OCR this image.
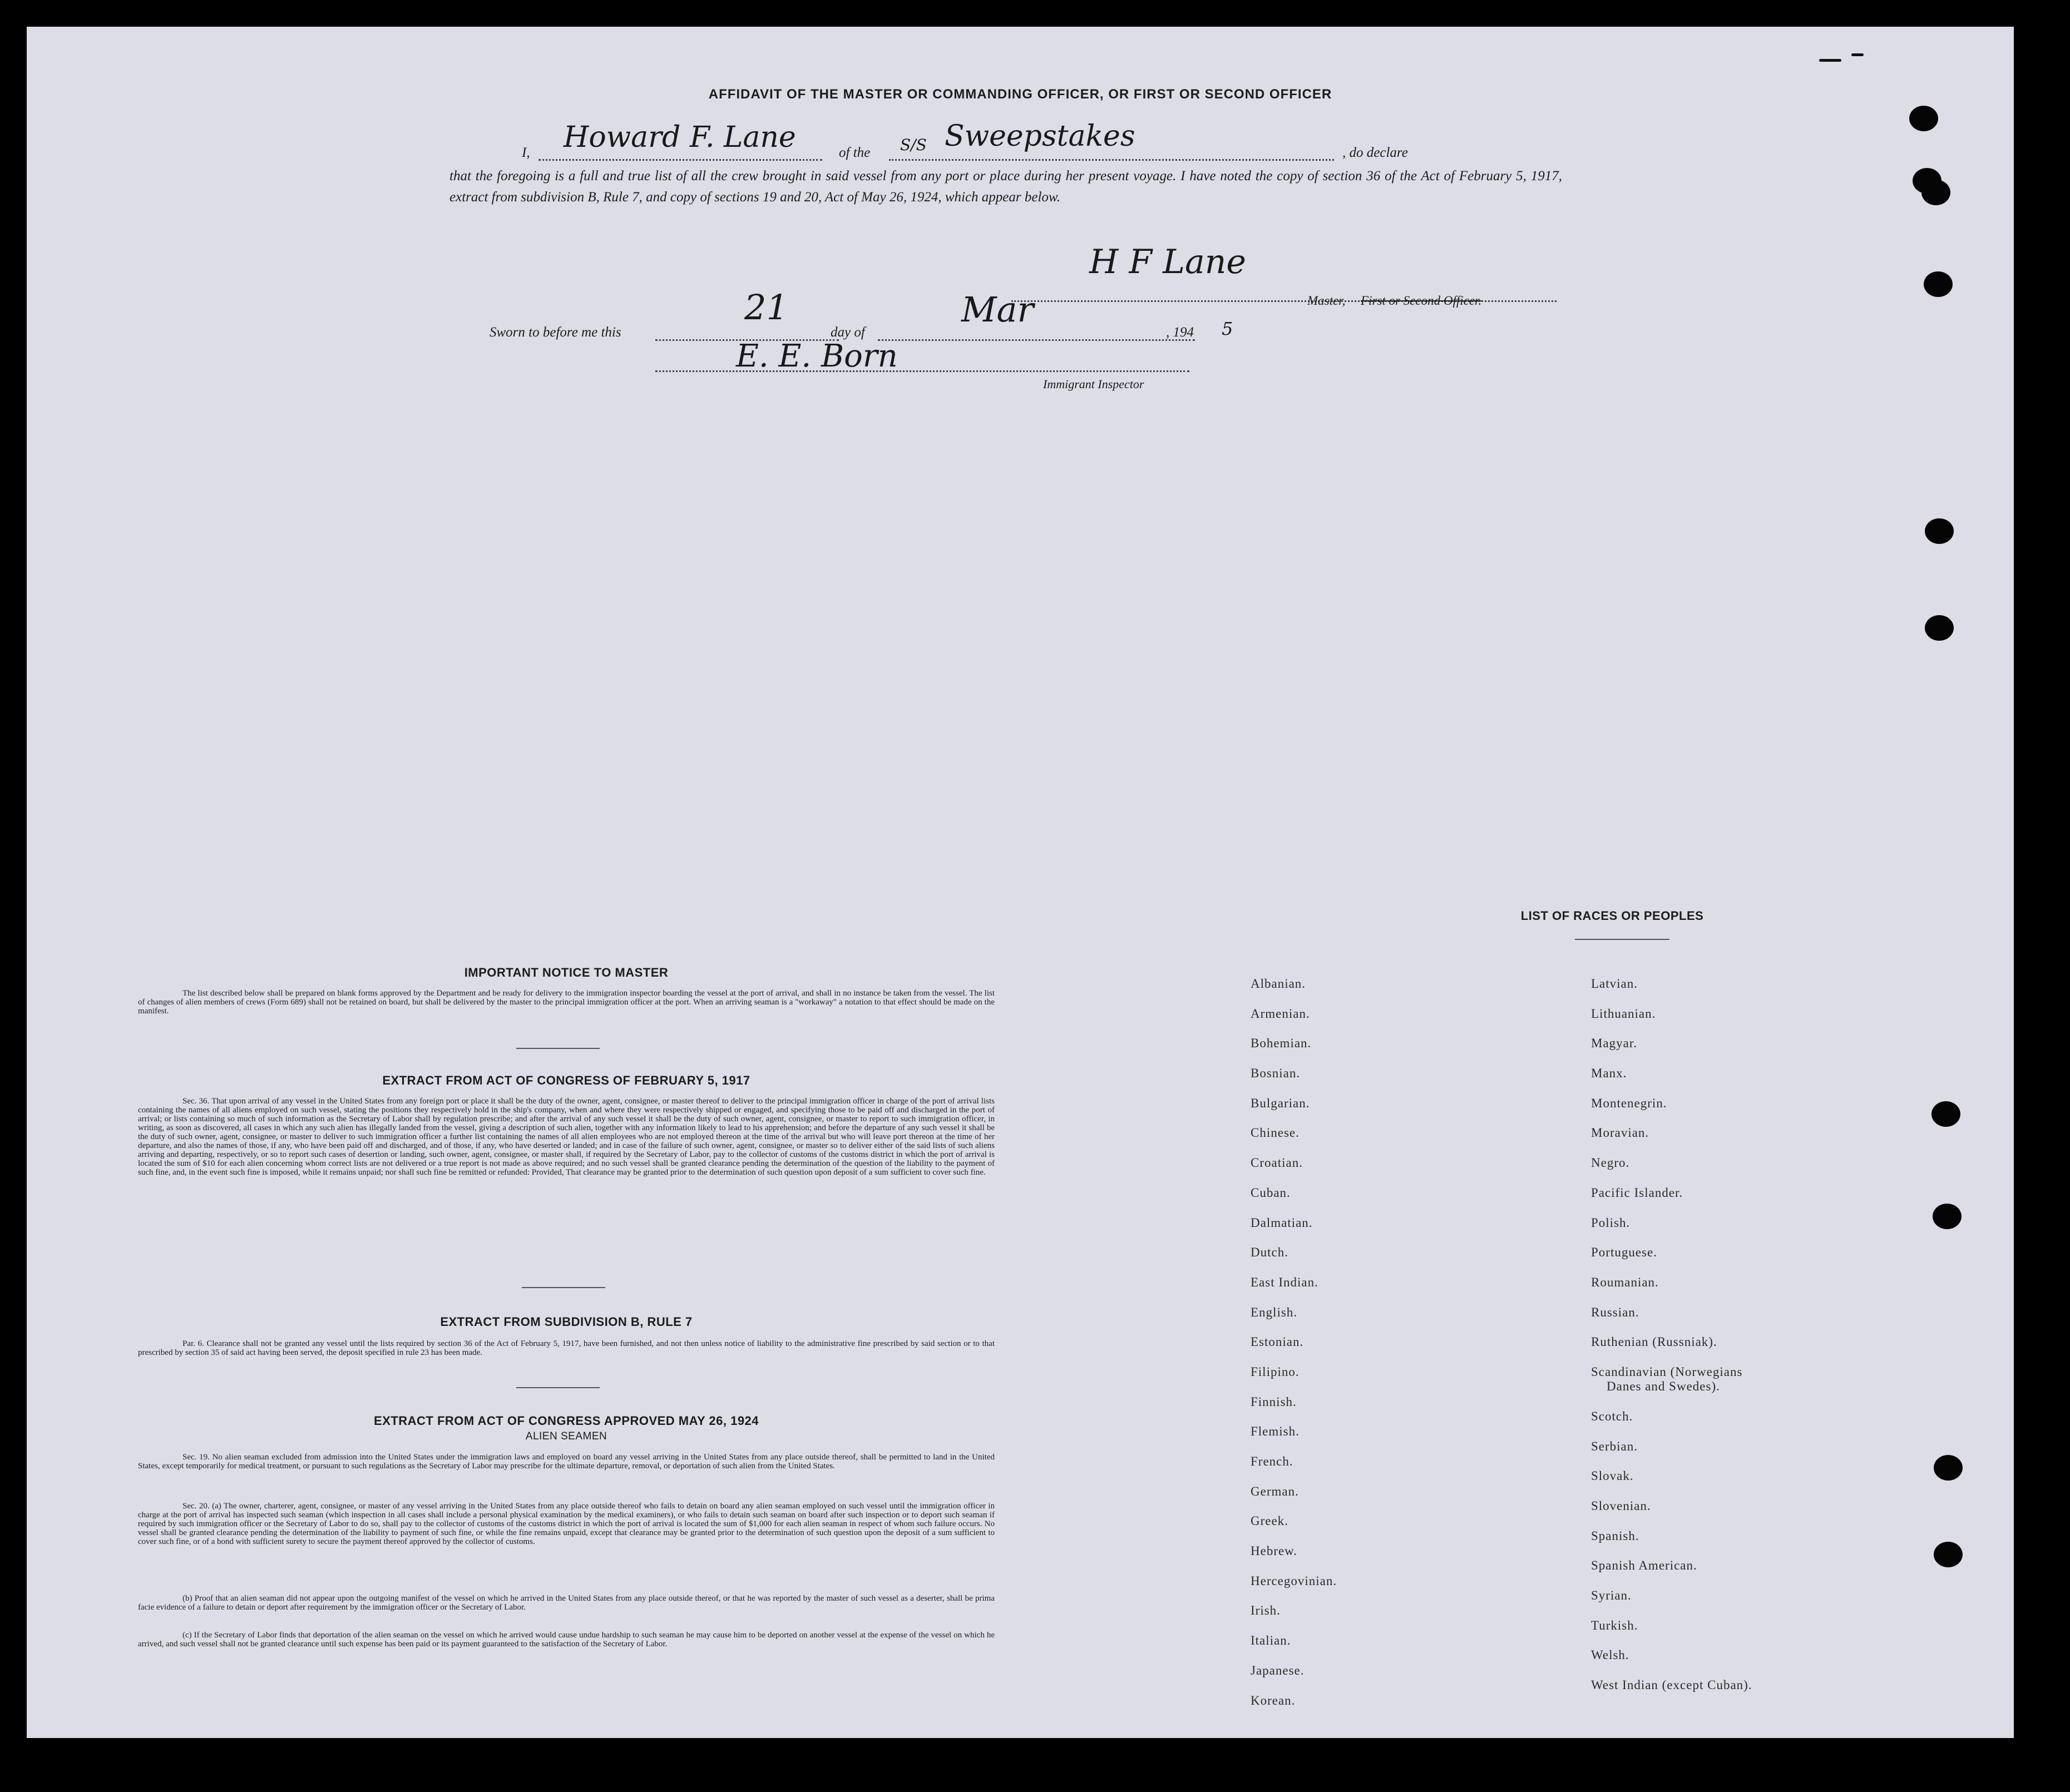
AFFIDAVIT OF THE MASTER OR COMMANDING OFFICER, OR FIRST OR SECOND OFFICER
I, Howard F. Lane	of the S/S Sweepstakes	, do declare
that the foregoing is a full and true list of all the crew brought in said vessel from any port or place during her present voyage. I have noted the copy of section 36 of the Act of February 5, 1917, extract from subdivision B, Rule 7, and copy of sections 19 and 20, Act of May 26, 1924, which appear below.
H F Lane
Master, First or Second Officer.
Sworn to before me this
21
day of
Mar
, 194 5
E. E. Born
Immigrant Inspector
IMPORTANT NOTICE TO MASTER
The list described below shall be prepared on blank forms approved by the Department and be ready for delivery to the immigration inspector boarding the vessel at the port of arrival, and shall in no instance be taken from the vessel. The list of changes of alien members of crews (Form 689) shall not be retained on board, but shall be delivered by the master to the principal immigration officer at the port. When an arriving seaman is a "workaway" a notation to that effect should be made on the manifest.
EXTRACT FROM ACT OF CONGRESS OF FEBRUARY 5, 1917
Sec. 36. That upon arrival of any vessel in the United States from any foreign port or place it shall be the duty of the owner, agent, consignee, or master thereof to deliver to the principal immigration officer in charge of the port of arrival lists containing the names of all aliens employed on such vessel, stating the positions they respectively hold in the ship's company, when and where they were respectively shipped or engaged, and specifying those to be paid off and discharged in the port of arrival; or lists containing so much of such information as the Secretary of Labor shall by regulation prescribe; and after the arrival of any such vessel it shall be the duty of such owner, agent, consignee, or master to report to such immigration officer, in writing, as soon as discovered, all cases in which any such alien has illegally landed from the vessel, giving a description of such alien, together with any information likely to lead to his apprehension; and before the departure of any such vessel it shall be the duty of such owner, agent, consignee, or master to deliver to such immigration officer a further list containing the names of all alien employees who are not employed thereon at the time of the arrival but who will leave port thereon at the time of her departure, and also the names of those, if any, who have been paid off and discharged, and of those, if any, who have deserted or landed; and in case of the failure of such owner, agent, consignee, or master so to deliver either of the said lists of such aliens arriving and departing, respectively, or so to report such cases of desertion or landing, such owner, agent, consignee, or master shall, if required by the Secretary of Labor, pay to the collector of customs of the customs district in which the port of arrival is located the sum of $10 for each alien concerning whom correct lists are not delivered or a true report is not made as above required; and no such vessel shall be granted clearance pending the determination of the question of the liability to the payment of such fine, and, in the event such fine is imposed, while it remains unpaid; nor shall such fine be remitted or refunded: Provided, That clearance may be granted prior to the determination of such question upon deposit of a sum sufficient to cover such fine.
EXTRACT FROM SUBDIVISION B, RULE 7
Par. 6. Clearance shall not be granted any vessel until the lists required by section 36 of the Act of February 5, 1917, have been furnished, and not then unless notice of liability to the administrative fine prescribed by said section or to that prescribed by section 35 of said act having been served, the deposit specified in rule 23 has been made.
EXTRACT FROM ACT OF CONGRESS APPROVED MAY 26, 1924
ALIEN SEAMEN
Sec. 19. No alien seaman excluded from admission into the United States under the immigration laws and employed on board any vessel arriving in the United States from any place outside thereof, shall be permitted to land in the United States, except temporarily for medical treatment, or pursuant to such regulations as the Secretary of Labor may prescribe for the ultimate departure, removal, or deportation of such alien from the United States.
Sec. 20. (a) The owner, charterer, agent, consignee, or master of any vessel arriving in the United States from any place outside thereof who fails to detain on board any alien seaman employed on such vessel until the immigration officer in charge at the port of arrival has inspected such seaman (which inspection in all cases shall include a personal physical examination by the medical examiners), or who fails to detain such seaman on board after such inspection or to deport such seaman if required by such immigration officer or the Secretary of Labor to do so, shall pay to the collector of customs of the customs district in which the port of arrival is located the sum of $1,000 for each alien seaman in respect of whom such failure occurs. No vessel shall be granted clearance pending the determination of the liability to payment of such fine, or while the fine remains unpaid, except that clearance may be granted prior to the determination of such question upon the deposit of a sum sufficient to cover such fine, or of a bond with sufficient surety to secure the payment thereof approved by the collector of customs.
(b) Proof that an alien seaman did not appear upon the outgoing manifest of the vessel on which he arrived in the United States from any place outside thereof, or that he was reported by the master of such vessel as a deserter, shall be prima facie evidence of a failure to detain or deport after requirement by the immigration officer or the Secretary of Labor.
(c) If the Secretary of Labor finds that deportation of the alien seaman on the vessel on which he arrived would cause undue hardship to such seaman he may cause him to be deported on another vessel at the expense of the vessel on which he arrived, and such vessel shall not be granted clearance until such expense has been paid or its payment guaranteed to the satisfaction of the Secretary of Labor.
LIST OF RACES OR PEOPLES
Albanian.
Armenian.
Bohemian.
Bosnian.
Bulgarian.
Chinese.
Croatian.
Cuban.
Dalmatian.
Dutch.
East Indian.
English.
Estonian.
Filipino.
Finnish.
Flemish.
French.
German.
Greek.
Hebrew.
Hercegovinian.
Irish.
Italian.
Japanese.
Korean.
Latvian.
Lithuanian.
Magyar.
Manx.
Montenegrin.
Moravian.
Negro.
Pacific Islander.
Polish.
Portuguese.
Roumanian.
Russian.
Ruthenian (Russniak).
Scandinavian (Norwegians
Danes and Swedes).
Scotch.
Serbian.
Slovak.
Slovenian.
Spanish.
Spanish American.
Syrian.
Turkish.
Welsh.
West Indian (except Cuban).
